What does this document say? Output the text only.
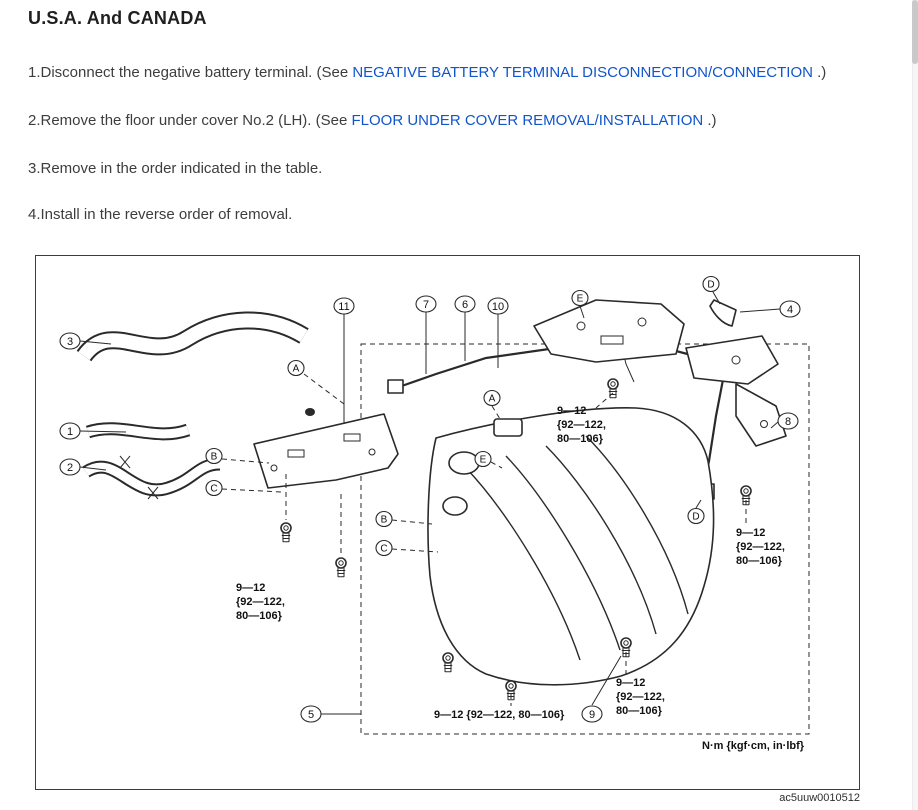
U.S.A. And CANADA

1.Disconnect the negative battery terminal. (See NEGATIVE BATTERY TERMINAL DISCONNECTION/CONNECTION .)

2.Remove the floor under cover No.2 (LH). (See FLOOR UNDER COVER REMOVAL/INSTALLATION .)

3.Remove in the order indicated in the table.

4.Install in the reverse order of removal.

3
1
2
11	7	6 10	4
8
5	9
A
B
C
A
E
B
C
D
E
D
9—12
{92—122,
80—106}
9—12
{92—122,
80—106}
9—12
{92—122,
80—106}
9—12
{92—122,
80—106}
9—12 {92—122, 80—106}
N·m {kgf·cm, in·lbf}
ac5uuw0010512
